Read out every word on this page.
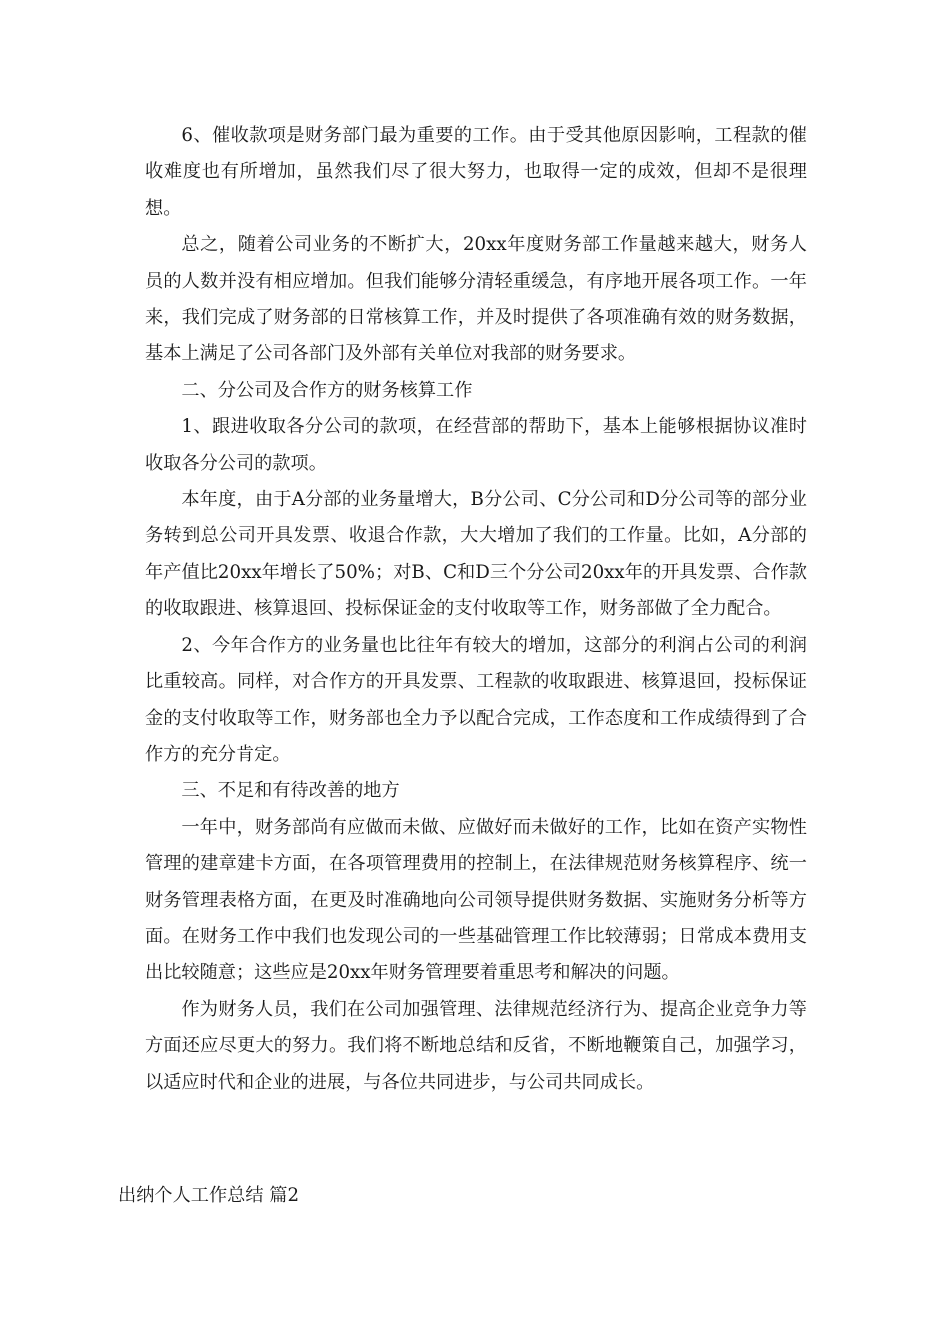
6、催收款项是财务部门最为重要的工作。由于受其他原因影响，工程款的催收难度也有所增加，虽然我们尽了很大努力，也取得一定的成效，但却不是很理想。

总之，随着公司业务的不断扩大，20xx年度财务部工作量越来越大，财务人员的人数并没有相应增加。但我们能够分清轻重缓急，有序地开展各项工作。一年来，我们完成了财务部的日常核算工作，并及时提供了各项准确有效的财务数据，基本上满足了公司各部门及外部有关单位对我部的财务要求。

二、分公司及合作方的财务核算工作

1、跟进收取各分公司的款项，在经营部的帮助下，基本上能够根据协议准时收取各分公司的款项。

本年度，由于A分部的业务量增大，B分公司、C分公司和D分公司等的部分业务转到总公司开具发票、收退合作款，大大增加了我们的工作量。比如，A分部的年产值比20xx年增长了50%；对B、C和D三个分公司20xx年的开具发票、合作款的收取跟进、核算退回、投标保证金的支付收取等工作，财务部做了全力配合。

2、今年合作方的业务量也比往年有较大的增加，这部分的利润占公司的利润比重较高。同样，对合作方的开具发票、工程款的收取跟进、核算退回，投标保证金的支付收取等工作，财务部也全力予以配合完成，工作态度和工作成绩得到了合作方的充分肯定。

三、不足和有待改善的地方

一年中，财务部尚有应做而未做、应做好而未做好的工作，比如在资产实物性管理的建章建卡方面，在各项管理费用的控制上，在法律规范财务核算程序、统一财务管理表格方面，在更及时准确地向公司领导提供财务数据、实施财务分析等方面。在财务工作中我们也发现公司的一些基础管理工作比较薄弱；日常成本费用支出比较随意；这些应是20xx年财务管理要着重思考和解决的问题。

作为财务人员，我们在公司加强管理、法律规范经济行为、提高企业竞争力等方面还应尽更大的努力。我们将不断地总结和反省，不断地鞭策自己，加强学习，以适应时代和企业的进展，与各位共同进步，与公司共同成长。

出纳个人工作总结 篇2
